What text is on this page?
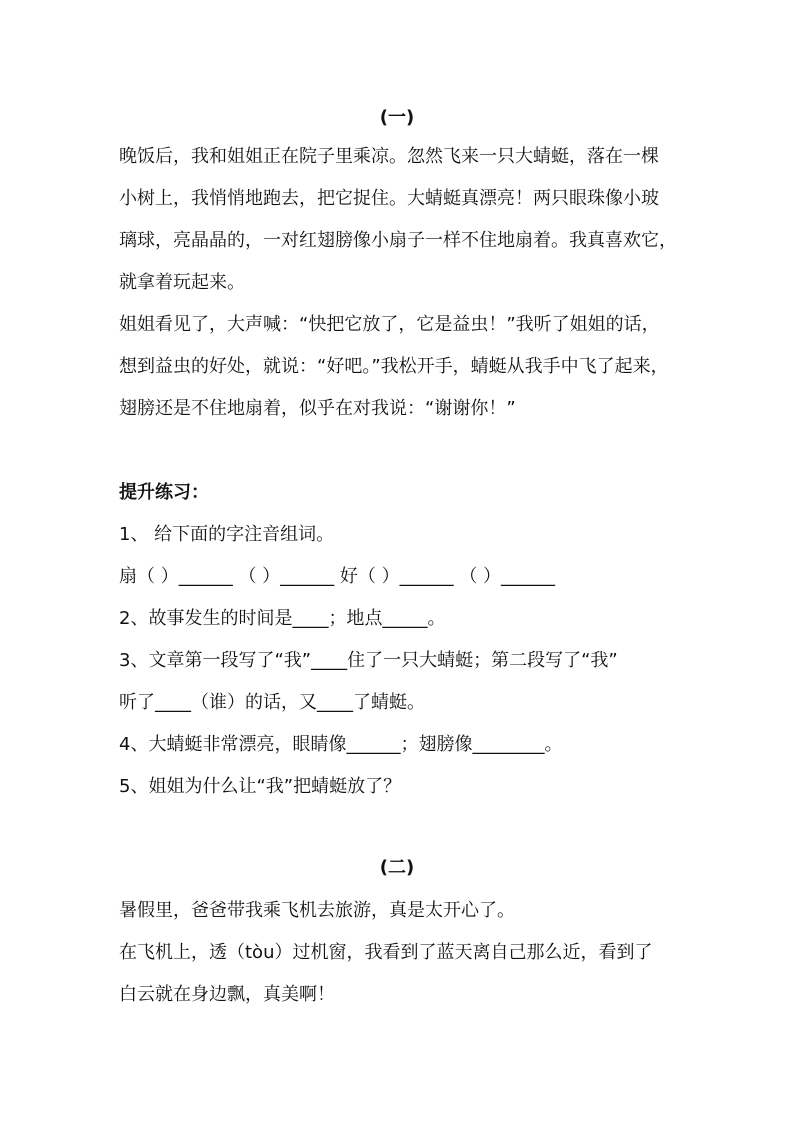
(一)
晚饭后，我和姐姐正在院子里乘凉。忽然飞来一只大蜻蜓，落在一棵
小树上，我悄悄地跑去，把它捉住。大蜻蜓真漂亮！两只眼珠像小玻
璃球，亮晶晶的，一对红翅膀像小扇子一样不住地扇着。我真喜欢它，
就拿着玩起来。
姐姐看见了，大声喊：“快把它放了，它是益虫！”我听了姐姐的话，
想到益虫的好处，就说：“好吧。”我松开手，蜻蜓从我手中飞了起来，
翅膀还是不住地扇着，似乎在对我说：“谢谢你！”
提升练习：
1、 给下面的字注音组词。
扇（ ）______ （ ）______ 好（ ）______ （ ）______
2、故事发生的时间是____；地点_____。
3、文章第一段写了“我”____住了一只大蜻蜓；第二段写了“我”
听了____（谁）的话，又____了蜻蜓。
4、大蜻蜓非常漂亮，眼睛像______；翅膀像________。
5、姐姐为什么让“我”把蜻蜓放了？
(二)
暑假里，爸爸带我乘飞机去旅游，真是太开心了。
在飞机上，透（tòu）过机窗，我看到了蓝天离自己那么近，看到了
白云就在身边飘，真美啊！
